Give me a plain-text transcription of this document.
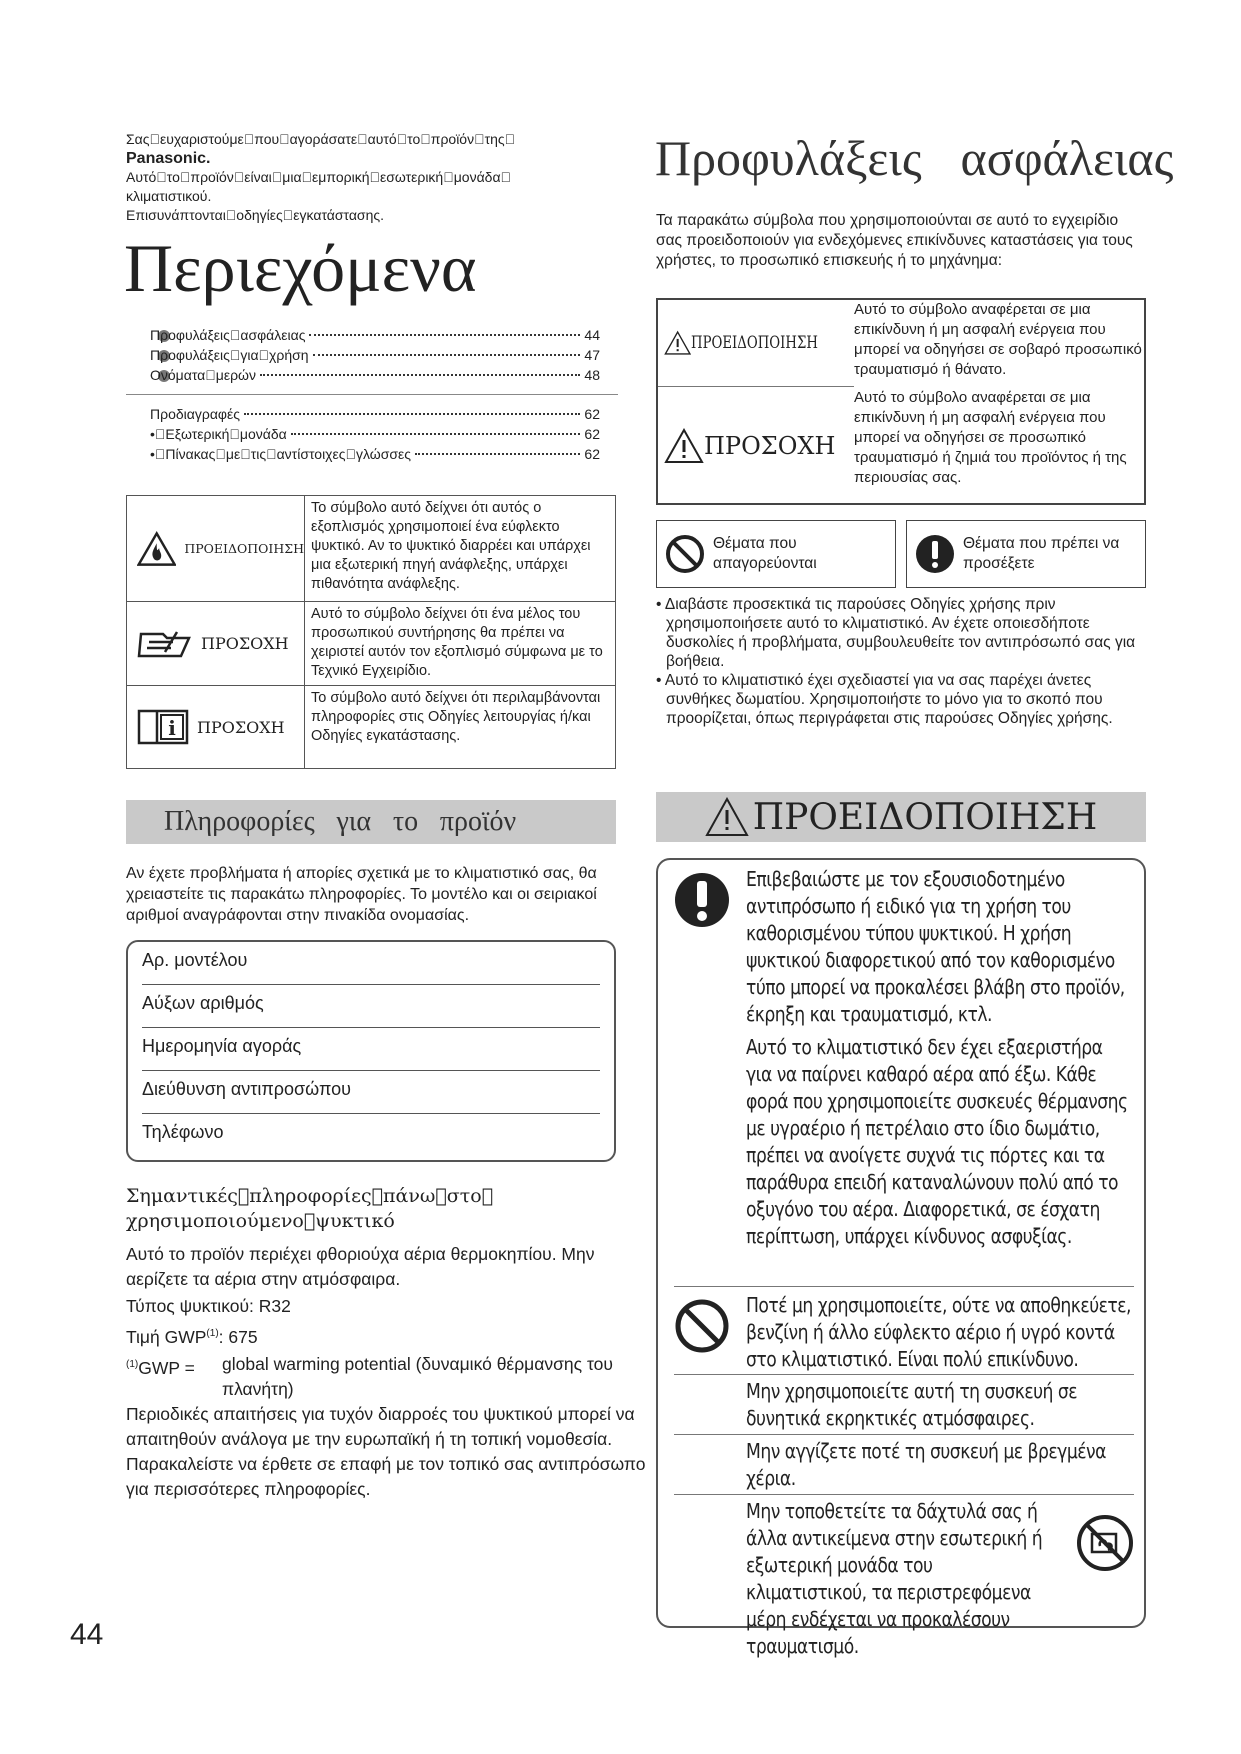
Σας ευχαριστούμε που αγοράσατε αυτό το προϊόν της 
Panasonic.
Αυτό το προϊόν είναι μια εμπορική εσωτερική μονάδα 
κλιματιστικού.
Επισυνάπτονται οδηγίες εγκατάστασης.
Περιεχόμενα
Προφυλάξεις ασφάλειας	44
Προφυλάξεις για χρήση	47
Ονόματα μερών	48
Προδιαγραφές	62
• Εξωτερική μονάδα	62
• Πίνακας με τις αντίστοιχες γλώσσες	62
ΠΡΟΕΙΔΟΠΟΙΗΣΗ
Το σύμβολο αυτό δείχνει ότι αυτός ο εξοπλισμός χρησιμοποιεί ένα εύφλεκτο ψυκτικό. Αν το ψυκτικό διαρρέει και υπάρχει μια εξωτερική πηγή ανάφλεξης, υπάρχει πιθανότητα ανάφλεξης.
ΠΡΟΣΟΧΗ
Αυτό το σύμβολο δείχνει ότι ένα μέλος του προσωπικού συντήρησης θα πρέπει να χειριστεί αυτόν τον εξοπλισμό σύμφωνα με το Τεχνικό Εγχειρίδιο.
i ΠΡΟΣΟΧΗ
Το σύμβολο αυτό δείχνει ότι περιλαμβάνονται πληροφορίες στις Οδηγίες λειτουργίας ή/και Οδηγίες εγκατάστασης.
Πληροφορίες για το προϊόν
Αν έχετε προβλήματα ή απορίες σχετικά με το κλιματιστικό σας, θα χρειαστείτε τις παρακάτω πληροφορίες. Το μοντέλο και οι σειριακοί αριθμοί αναγράφονται στην πινακίδα ονομασίας.
Αρ. μοντέλου
Αύξων αριθμός
Ημερομηνία αγοράς
Διεύθυνση αντιπροσώπου
Τηλέφωνο
Σημαντικές πληροφορίες πάνω στο  χρησιμοποιούμενο ψυκτικό

Αυτό το προϊόν περιέχει φθοριούχα αέρια θερμοκηπίου. Μην αερίζετε τα αέρια στην ατμόσφαιρα.

Τύπος ψυκτικού: R32

Τιμή GWP$^{(1)}$: 675

$^{(1)}$GWP =	global warming potential (δυναμικό θέρμανσης του πλανήτη)

Περιοδικές απαιτήσεις για τυχόν διαρροές του ψυκτικού μπορεί να απαιτηθούν ανάλογα με την ευρωπαϊκή ή τη τοπική νομοθεσία. Παρακαλείστε να έρθετε σε επαφή με τον τοπικό σας αντιπρόσωπο για περισσότερες πληροφορίες.

44
Προφυλάξεις ασφάλειας
Τα παρακάτω σύμβολα που χρησιμοποιούνται σε αυτό το εγχειρίδιο σας προειδοποιούν για ενδεχόμενες επικίνδυνες καταστάσεις για τους χρήστες, το προσωπικό επισκευής ή το μηχάνημα:
ΠΡΟΕΙΔΟΠΟΙΗΣΗ
Αυτό το σύμβολο αναφέρεται σε μια επικίνδυνη ή μη ασφαλή ενέργεια που μπορεί να οδηγήσει σε σοβαρό προσωπικό τραυματισμό ή θάνατο.
ΠΡΟΣΟΧΗ
Αυτό το σύμβολο αναφέρεται σε μια επικίνδυνη ή μη ασφαλή ενέργεια που μπορεί να οδηγήσει σε προσωπικό τραυματισμό ή ζημιά του προϊόντος ή της περιουσίας σας.
Θέματα που απαγορεύονται
Θέματα που πρέπει να προσέξετε
• Διαβάστε προσεκτικά τις παρούσες Οδηγίες χρήσης πριν χρησιμοποιήσετε αυτό το κλιματιστικό. Αν έχετε οποιεσδήποτε δυσκολίες ή προβλήματα, συμβουλευθείτε τον αντιπρόσωπό σας για βοήθεια.
• Αυτό το κλιματιστικό έχει σχεδιαστεί για να σας παρέχει άνετες συνθήκες δωματίου. Χρησιμοποιήστε το μόνο για το σκοπό που προορίζεται, όπως περιγράφεται στις παρούσες Οδηγίες χρήσης.
ΠΡΟΕΙΔΟΠΟΙΗΣΗ
Επιβεβαιώστε με τον εξουσιοδοτημένο αντιπρόσωπο ή ειδικό για τη χρήση του καθορισμένου τύπου ψυκτικού. Η χρήση ψυκτικού διαφορετικού από τον καθορισμένο τύπο μπορεί να προκαλέσει βλάβη στο προϊόν, έκρηξη και τραυματισμό, κτλ.
Αυτό το κλιματιστικό δεν έχει εξαεριστήρα για να παίρνει καθαρό αέρα από έξω. Κάθε φορά που χρησιμοποιείτε συσκευές θέρμανσης με υγραέριο ή πετρέλαιο στο ίδιο δωμάτιο, πρέπει να ανοίγετε συχνά τις πόρτες και τα παράθυρα επειδή καταναλώνουν πολύ από το οξυγόνο του αέρα. Διαφορετικά, σε έσχατη περίπτωση, υπάρχει κίνδυνος ασφυξίας.
Ποτέ μη χρησιμοποιείτε, ούτε να αποθηκεύετε, βενζίνη ή άλλο εύφλεκτο αέριο ή υγρό κοντά στο κλιματιστικό. Είναι πολύ επικίνδυνο.
Μην χρησιμοποιείτε αυτή τη συσκευή σε δυνητικά εκρηκτικές ατμόσφαιρες.
Μην αγγίζετε ποτέ τη συσκευή με βρεγμένα χέρια.
Μην τοποθετείτε τα δάχτυλά σας ή άλλα αντικείμενα στην εσωτερική ή εξωτερική μονάδα του κλιματιστικού, τα περιστρεφόμενα μέρη ενδέχεται να προκαλέσουν τραυματισμό.
